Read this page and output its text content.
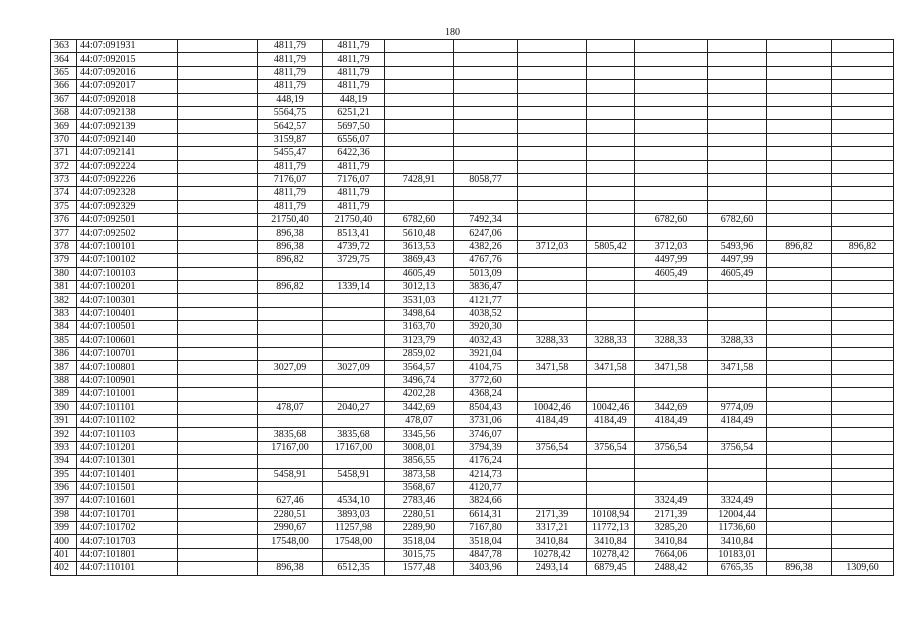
180
363	44:07:091931		4811,79	4811,79								
364	44:07:092015		4811,79	4811,79								
365	44:07:092016		4811,79	4811,79								
366	44:07:092017		4811,79	4811,79								
367	44:07:092018		448,19	448,19								
368	44:07:092138		5564,75	6251,21								
369	44:07:092139		5642,57	5697,50								
370	44:07:092140		3159,87	6556,07								
371	44:07:092141		5455,47	6422,36								
372	44:07:092224		4811,79	4811,79								
373	44:07:092226		7176,07	7176,07	7428,91	8058,77						
374	44:07:092328		4811,79	4811,79								
375	44:07:092329		4811,79	4811,79								
376	44:07:092501		21750,40	21750,40	6782,60	7492,34			6782,60	6782,60		
377	44:07:092502		896,38	8513,41	5610,48	6247,06						
378	44:07:100101		896,38	4739,72	3613,53	4382,26	3712,03	5805,42	3712,03	5493,96	896,82	896,82
379	44:07:100102		896,82	3729,75	3869,43	4767,76			4497,99	4497,99		
380	44:07:100103				4605,49	5013,09			4605,49	4605,49		
381	44:07:100201		896,82	1339,14	3012,13	3836,47						
382	44:07:100301				3531,03	4121,77						
383	44:07:100401				3498,64	4038,52						
384	44:07:100501				3163,70	3920,30						
385	44:07:100601				3123,79	4032,43	3288,33	3288,33	3288,33	3288,33		
386	44:07:100701				2859,02	3921,04						
387	44:07:100801		3027,09	3027,09	3564,57	4104,75	3471,58	3471,58	3471,58	3471,58		
388	44:07:100901				3496,74	3772,60						
389	44:07:101001				4202,28	4368,24						
390	44:07:101101		478,07	2040,27	3442,69	8504,43	10042,46	10042,46	3442,69	9774,09		
391	44:07:101102				478,07	3731,06	4184,49	4184,49	4184,49	4184,49		
392	44:07:101103		3835,68	3835,68	3345,56	3746,07						
393	44:07:101201		17167,00	17167,00	3008,01	3794,39	3756,54	3756,54	3756,54	3756,54		
394	44:07:101301				3856,55	4176,24						
395	44:07:101401		5458,91	5458,91	3873,58	4214,73						
396	44:07:101501				3568,67	4120,77						
397	44:07:101601		627,46	4534,10	2783,46	3824,66			3324,49	3324,49		
398	44:07:101701		2280,51	3893,03	2280,51	6614,31	2171,39	10108,94	2171,39	12004,44		
399	44:07:101702		2990,67	11257,98	2289,90	7167,80	3317,21	11772,13	3285,20	11736,60		
400	44:07:101703		17548,00	17548,00	3518,04	3518,04	3410,84	3410,84	3410,84	3410,84		
401	44:07:101801				3015,75	4847,78	10278,42	10278,42	7664,06	10183,01		
402	44:07:110101		896,38	6512,35	1577,48	3403,96	2493,14	6879,45	2488,42	6765,35	896,38	1309,60
